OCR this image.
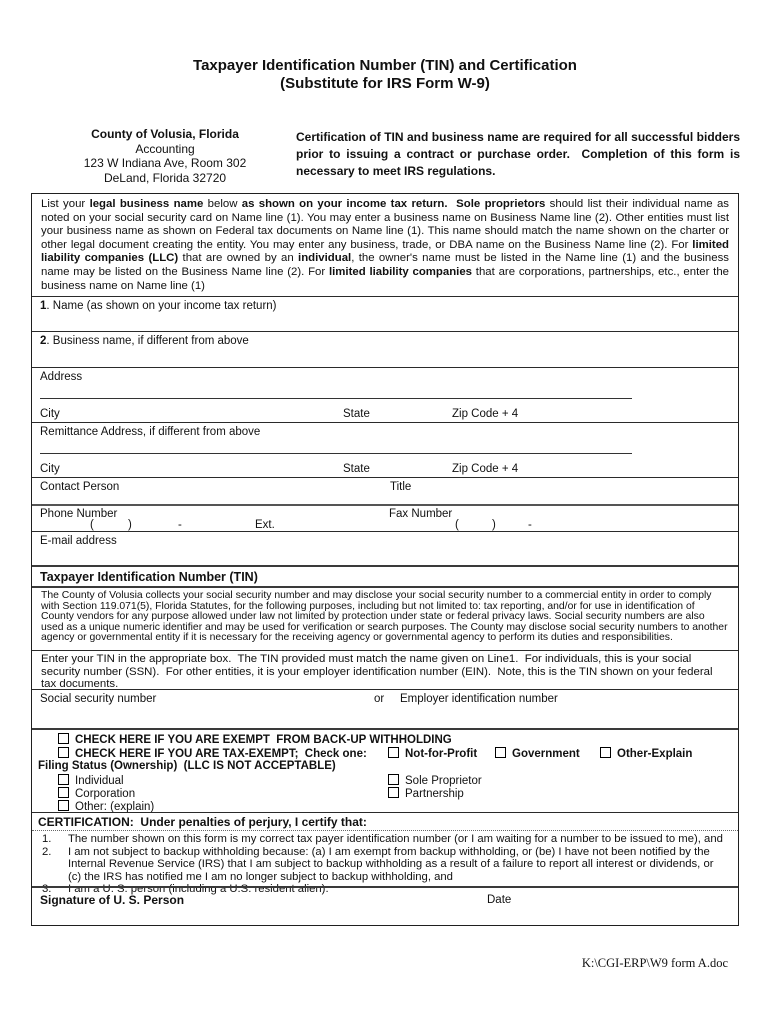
Taxpayer Identification Number (TIN) and Certification
(Substitute for IRS Form W-9)
County of Volusia, Florida
Accounting
123 W Indiana Ave, Room 302
DeLand, Florida 32720
Certification of TIN and business name are required for all successful bidders prior to issuing a contract or purchase order.  Completion of this form is necessary to meet IRS regulations.
List your legal business name below as shown on your income tax return.  Sole proprietors should list their individual name as noted on your social security card on Name line (1). You may enter a business name on Business Name line (2). Other entities must list your business name as shown on Federal tax documents on Name line (1). This name should match the name shown on the charter or other legal document creating the entity. You may enter any business, trade, or DBA name on the Business Name line (2). For limited liability companies (LLC) that are owned by an individual, the owner's name must be listed in the Name line (1) and the business name may be listed on the Business Name line (2). For limited liability companies that are corporations, partnerships, etc., enter the business name on Name line (1)
1. Name (as shown on your income tax return)
2. Business name, if different from above
Address
City	State	Zip Code + 4
Remittance Address, if different from above
City	State	Zip Code + 4
Contact Person	Title
Phone Number	Fax Number
(	)	-	Ext.	(	)	-
E-mail address
Taxpayer Identification Number (TIN)
The County of Volusia collects your social security number and may disclose your social security number to a commercial entity in order to comply with Section 119.071(5), Florida Statutes, for the following purposes, including but not limited to: tax reporting, and/or for use in identification of County vendors for any purpose allowed under law not limited by protection under state or federal privacy laws. Social security numbers are also used as a unique numeric identifier and may be used for verification or search purposes. The County may disclose social security numbers to another agency or governmental entity if it is necessary for the receiving agency or governmental agency to perform its duties and responsibilities.
Enter your TIN in the appropriate box.  The TIN provided must match the name given on Line1.  For individuals, this is your social security number (SSN).  For other entities, it is your employer identification number (EIN).  Note, this is the TIN shown on your federal tax documents.
Social security number	or Employer identification number
CHECK HERE IF YOU ARE EXEMPT  FROM BACK-UP WITHHOLDING
CHECK HERE IF YOU ARE TAX-EXEMPT;  Check one:	Not-for-Profit	Government	Other-Explain
Filing Status (Ownership)  (LLC IS NOT ACCEPTABLE)
Individual	Sole Proprietor
Corporation	Partnership
Other: (explain)
CERTIFICATION:  Under penalties of perjury, I certify that:
1.	The number shown on this form is my correct tax payer identification number (or I am waiting for a number to be issued to me), and
2.	I am not subject to backup withholding because: (a) I am exempt from backup withholding, or (be) I have not been notified by the Internal Revenue Service (IRS) that I am subject to backup withholding as a result of a failure to report all interest or dividends, or (c) the IRS has notified me I am no longer subject to backup withholding, and
3.	I am a U. S. person (including a U.S. resident alien).
Signature of U. S. Person	Date
K:\CGI-ERP\W9 form A.doc
